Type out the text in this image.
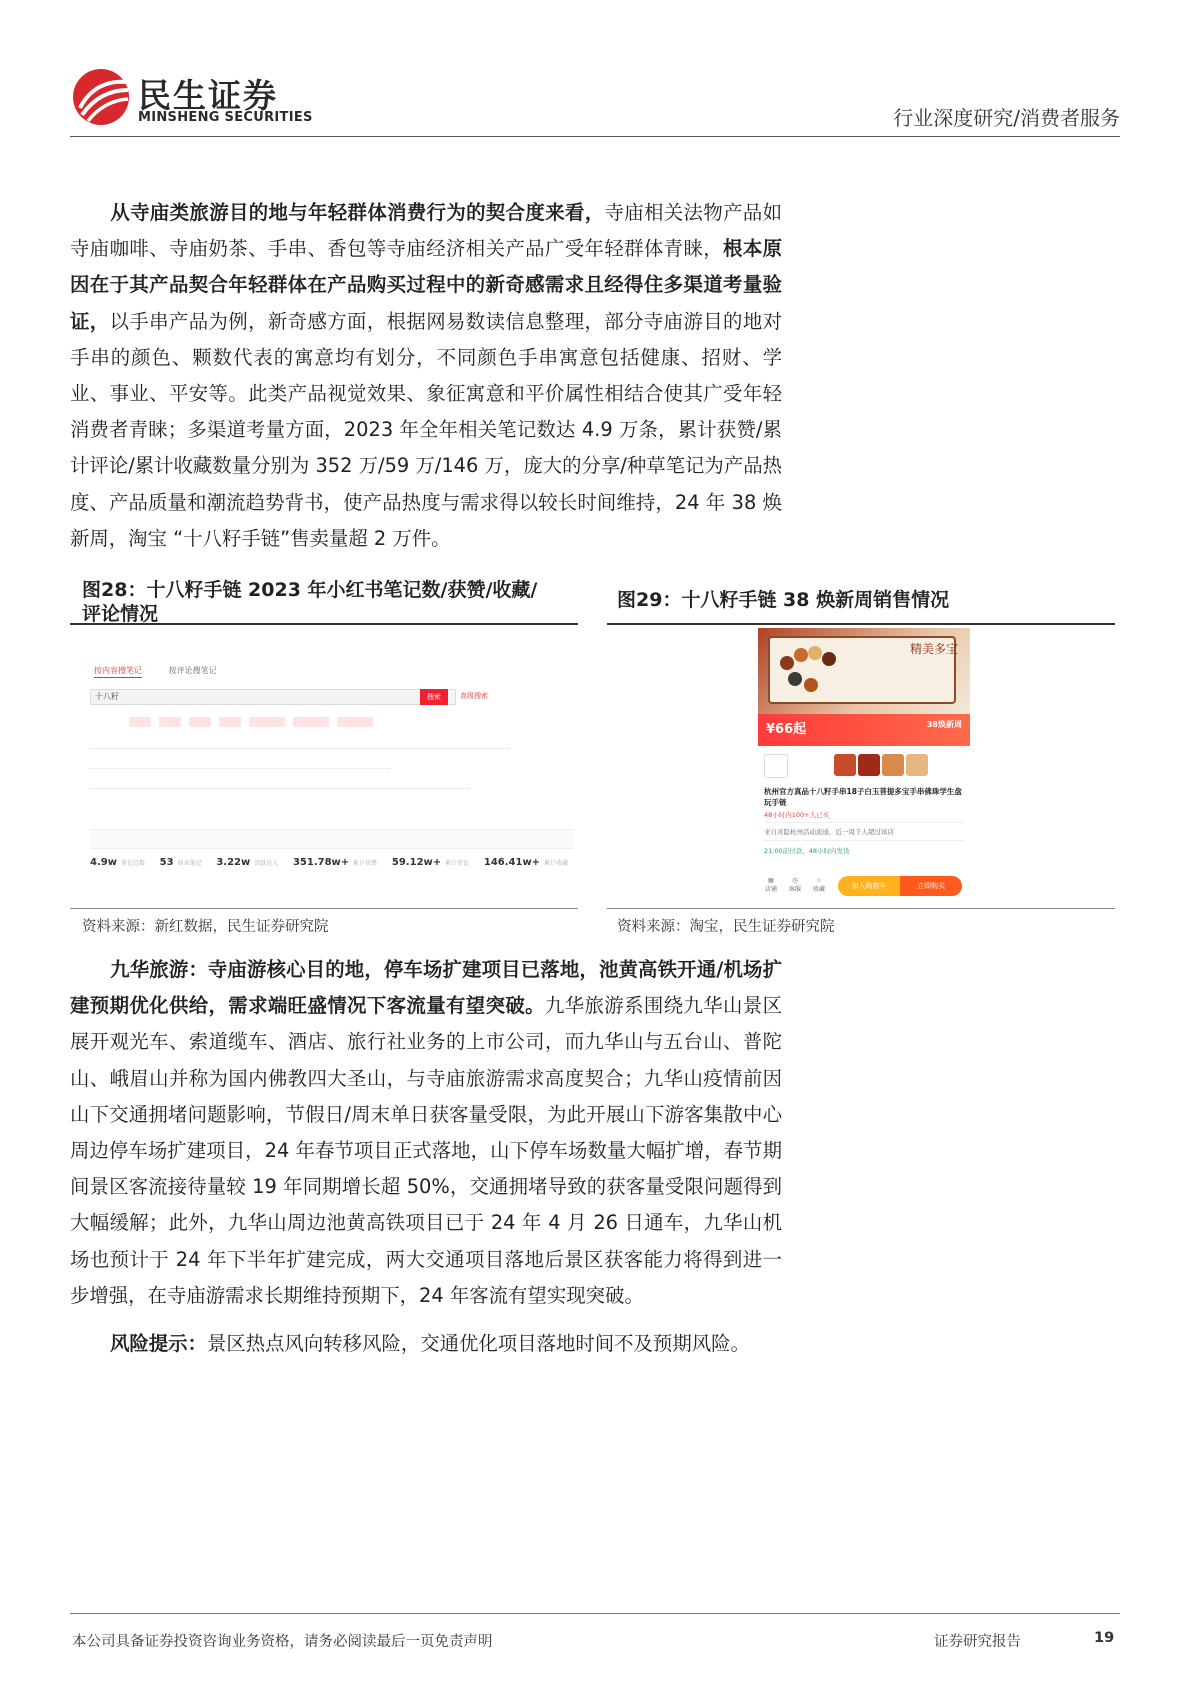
民生证券
MINSHENG SECURITIES	行业深度研究/消费者服务
从寺庙类旅游目的地与年轻群体消费行为的契合度来看，寺庙相关法物产品如寺庙咖啡、寺庙奶茶、手串、香包等寺庙经济相关产品广受年轻群体青睐，根本原因在于其产品契合年轻群体在产品购买过程中的新奇感需求且经得住多渠道考量验证，以手串产品为例，新奇感方面，根据网易数读信息整理，部分寺庙游目的地对手串的颜色、颗数代表的寓意均有划分，不同颜色手串寓意包括健康、招财、学业、事业、平安等。此类产品视觉效果、象征寓意和平价属性相结合使其广受年轻消费者青睐；多渠道考量方面，2023 年全年相关笔记数达 4.9 万条，累计获赞/累计评论/累计收藏数量分别为 352 万/59 万/146 万，庞大的分享/种草笔记为产品热度、产品质量和潮流趋势背书，使产品热度与需求得以较长时间维持，24 年 38 焕新周，淘宝 “十八籽手链”售卖量超 2 万件。
图28：十八籽手链 2023 年小红书笔记数/获赞/收藏/
评论情况
按内容搜笔记	按评论搜笔记
十八籽	搜索	高级搜索

4.9w 笔记总数 53 商业笔记 3.22w 活跃达人 351.78w+ 累计获赞 59.12w+ 累计评论 146.41w+ 累计收藏
资料来源：新红数据，民生证券研究院
图29：十八籽手链 38 焕新周销售情况
精美多宝
¥66起	38焕新周
杭州官方真品十八籽手串18子白玉菩提多宝手串佛珠学生盘玩手链
48小时内100+人已买
来自灵隐杭州活动流通，近一周千人超过该店
21:00前付款，48小时内发货
▤
店铺
◷
客服
☆
收藏	加入购物车	立即购买
资料来源：淘宝，民生证券研究院
九华旅游：寺庙游核心目的地，停车场扩建项目已落地，池黄高铁开通/机场扩建预期优化供给，需求端旺盛情况下客流量有望突破。九华旅游系围绕九华山景区展开观光车、索道缆车、酒店、旅行社业务的上市公司，而九华山与五台山、普陀山、峨眉山并称为国内佛教四大圣山，与寺庙旅游需求高度契合；九华山疫情前因山下交通拥堵问题影响，节假日/周末单日获客量受限，为此开展山下游客集散中心周边停车场扩建项目，24 年春节项目正式落地，山下停车场数量大幅扩增，春节期间景区客流接待量较 19 年同期增长超 50%，交通拥堵导致的获客量受限问题得到大幅缓解；此外，九华山周边池黄高铁项目已于 24 年 4 月 26 日通车，九华山机场也预计于 24 年下半年扩建完成，两大交通项目落地后景区获客能力将得到进一步增强，在寺庙游需求长期维持预期下，24 年客流有望实现突破。
风险提示：景区热点风向转移风险，交通优化项目落地时间不及预期风险。
本公司具备证券投资咨询业务资格，请务必阅读最后一页免责声明	证券研究报告	19
